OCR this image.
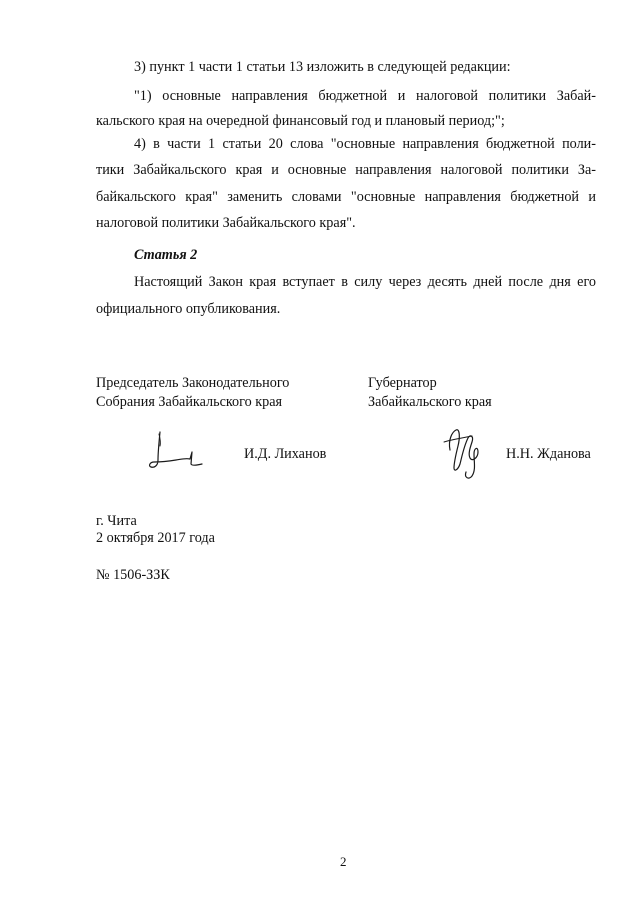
3) пункт 1 части 1 статьи 13 изложить в следующей редакции:
"1) основные направления бюджетной и налоговой политики Забай-
кальского края на очередной финансовый год и плановый период;";
4) в части 1 статьи 20 слова "основные направления бюджетной поли-
тики Забайкальского края и основные направления налоговой политики За-
байкальского края" заменить словами "основные направления бюджетной и
налоговой политики Забайкальского края".
Статья 2
Настоящий Закон края вступает в силу через десять дней после дня его
официального опубликования.
Председатель Законодательного
Собрания Забайкальского края
Губернатор
Забайкальского края
И.Д. Лиханов	Н.Н. Жданова
г. Чита
2 октября 2017 года
№ 1506-ЗЗК
2
